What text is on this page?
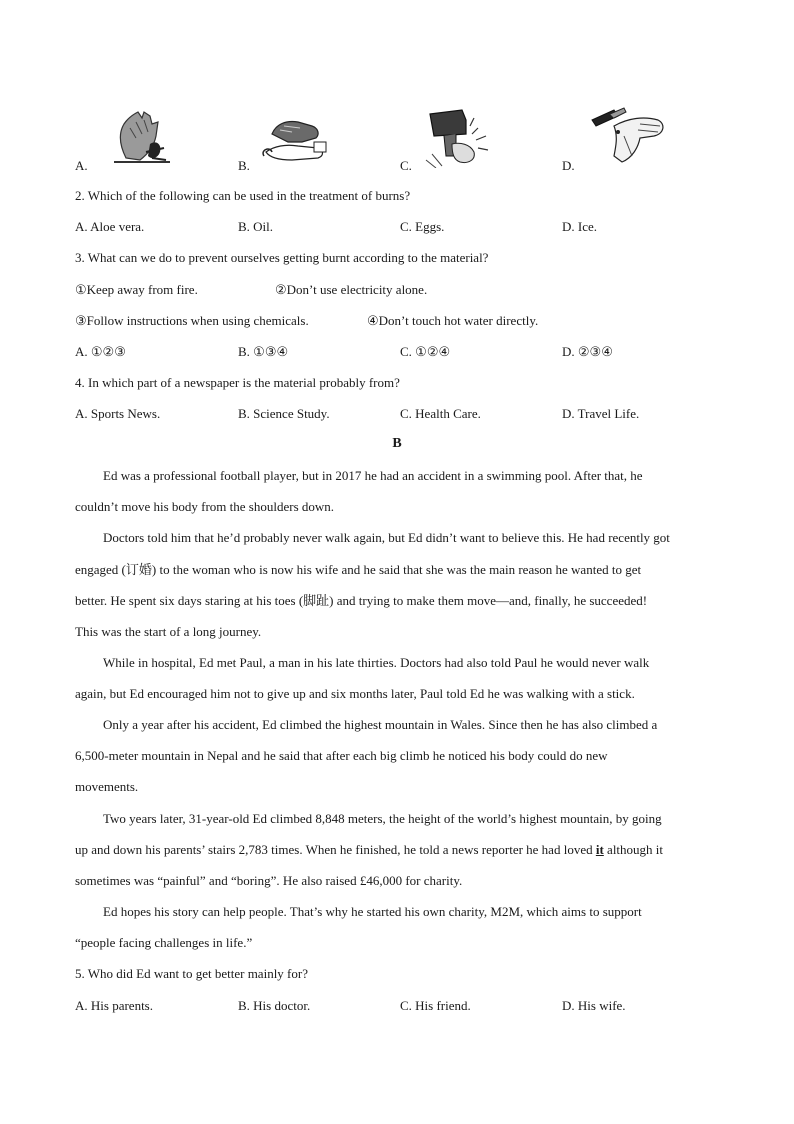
A.	B.	C.	D.
2. Which of the following can be used in the treatment of burns?
A. Aloe vera.	B. Oil.	C. Eggs.	D. Ice.
3. What can we do to prevent ourselves getting burnt according to the material?
①Keep away from fire.	②Don’t use electricity alone.
③Follow instructions when using chemicals.	④Don’t touch hot water directly.
A. ①②③	B. ①③④	C. ①②④	D. ②③④
4. In which part of a newspaper is the material probably from?
A. Sports News.	B. Science Study.	C. Health Care.	D. Travel Life.
B
Ed was a professional football player, but in 2017 he had an accident in a swimming pool. After that, he
couldn’t move his body from the shoulders down.
Doctors told him that he’d probably never walk again, but Ed didn’t want to believe this. He had recently got
engaged (订婚) to the woman who is now his wife and he said that she was the main reason he wanted to get
better. He spent six days staring at his toes (脚趾) and trying to make them move—and, finally, he succeeded!
This was the start of a long journey.
While in hospital, Ed met Paul, a man in his late thirties. Doctors had also told Paul he would never walk
again, but Ed encouraged him not to give up and six months later, Paul told Ed he was walking with a stick.
Only a year after his accident, Ed climbed the highest mountain in Wales. Since then he has also climbed a
6,500-meter mountain in Nepal and he said that after each big climb he noticed his body could do new
movements.
Two years later, 31-year-old Ed climbed 8,848 meters, the height of the world’s highest mountain, by going
up and down his parents’ stairs 2,783 times. When he finished, he told a news reporter he had loved it although it
sometimes was “painful” and “boring”. He also raised £46,000 for charity.
Ed hopes his story can help people. That’s why he started his own charity, M2M, which aims to support
“people facing challenges in life.”
5. Who did Ed want to get better mainly for?
A. His parents.	B. His doctor.	C. His friend.	D. His wife.
